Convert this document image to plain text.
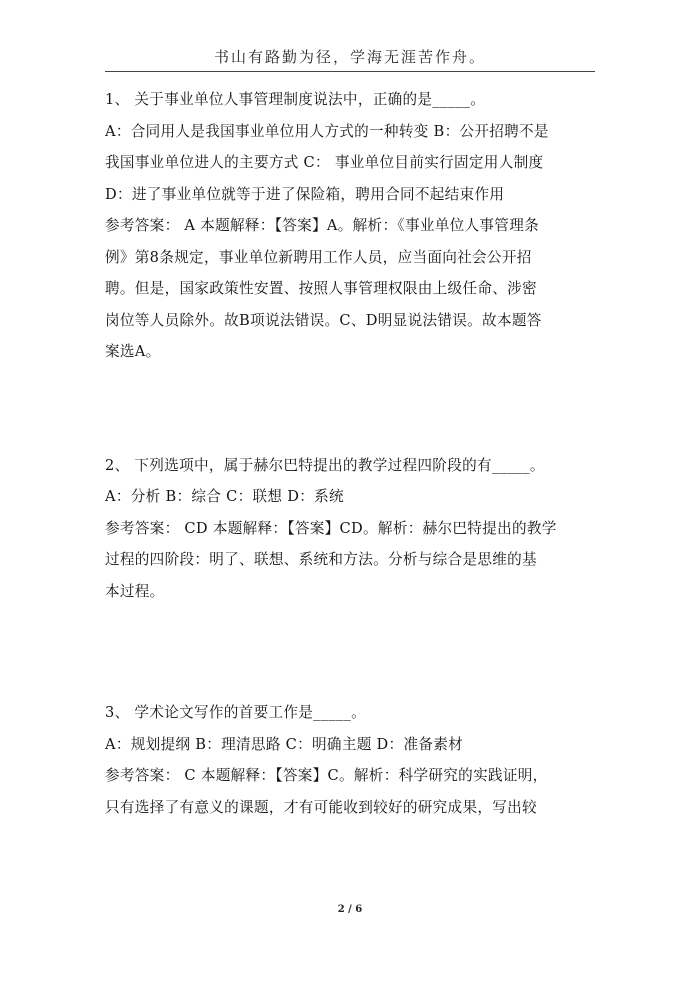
书山有路勤为径，学海无涯苦作舟。
1、 关于事业单位人事管理制度说法中，正确的是_____。
A：合同用人是我国事业单位用人方式的一种转变 B：公开招聘不是
我国事业单位进人的主要方式 C： 事业单位目前实行固定用人制度
D：进了事业单位就等于进了保险箱，聘用合同不起结束作用
参考答案： A 本题解释：【答案】A。解析：《事业单位人事管理条
例》第8条规定，事业单位新聘用工作人员，应当面向社会公开招
聘。但是，国家政策性安置、按照人事管理权限由上级任命、涉密
岗位等人员除外。故B项说法错误。C、D明显说法错误。故本题答
案选A。
2、 下列选项中，属于赫尔巴特提出的教学过程四阶段的有_____。
A：分析 B：综合 C：联想 D：系统
参考答案： CD 本题解释：【答案】CD。解析：赫尔巴特提出的教学
过程的四阶段：明了、联想、系统和方法。分析与综合是思维的基
本过程。
3、 学术论文写作的首要工作是_____。
A：规划提纲 B：理清思路 C：明确主题 D：准备素材
参考答案： C 本题解释：【答案】C。解析：科学研究的实践证明，
只有选择了有意义的课题，才有可能收到较好的研究成果，写出较
2 / 6
